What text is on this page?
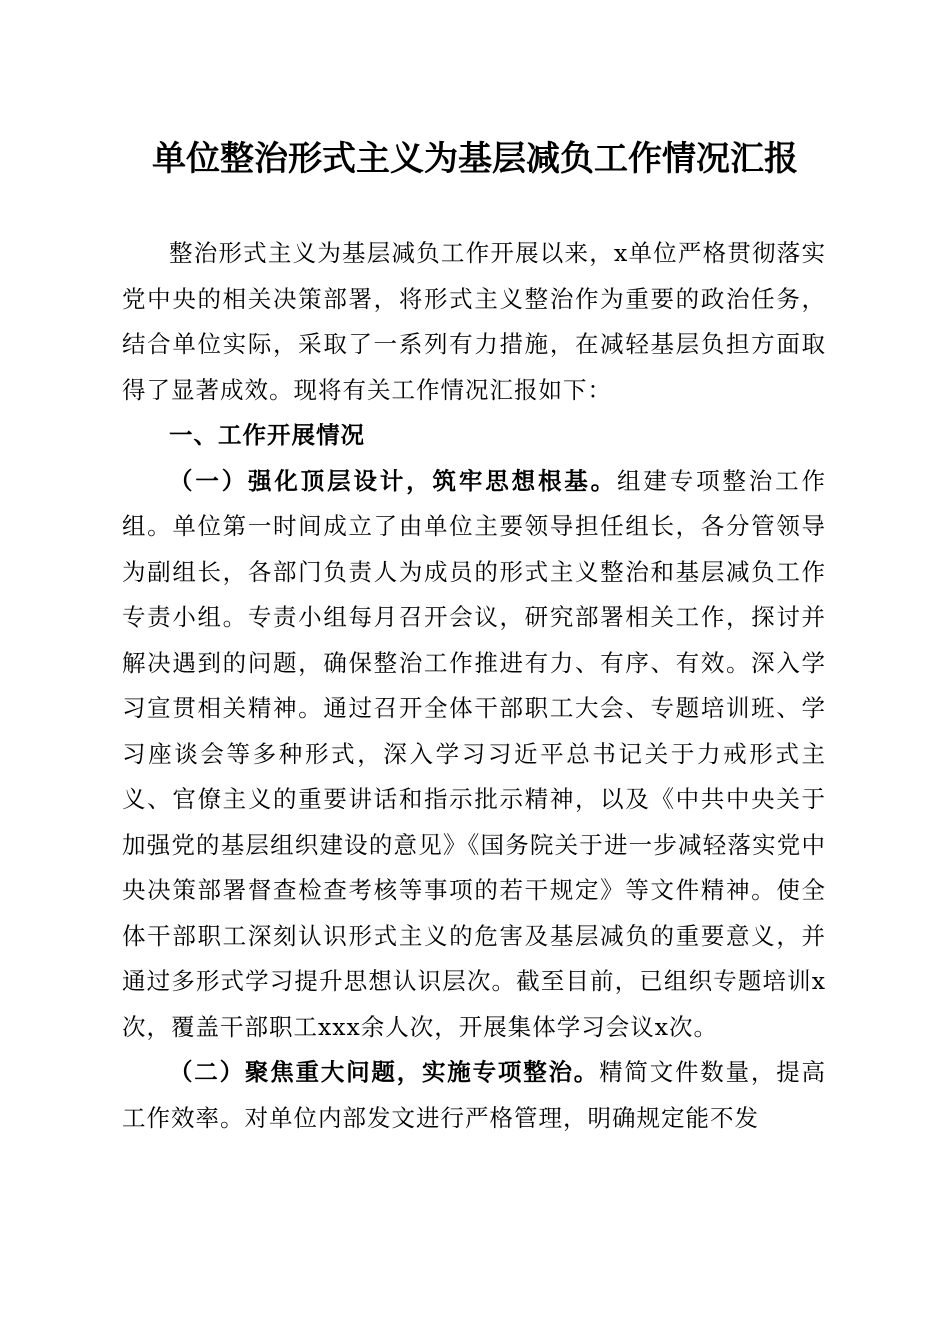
单位整治形式主义为基层减负工作情况汇报

整治形式主义为基层减负工作开展以来，x单位严格贯彻落实党中央的相关决策部署，将形式主义整治作为重要的政治任务，结合单位实际，采取了一系列有力措施，在减轻基层负担方面取得了显著成效。现将有关工作情况汇报如下：

一、工作开展情况

（一）强化顶层设计，筑牢思想根基。组建专项整治工作组。单位第一时间成立了由单位主要领导担任组长，各分管领导为副组长，各部门负责人为成员的形式主义整治和基层减负工作专责小组。专责小组每月召开会议，研究部署相关工作，探讨并解决遇到的问题，确保整治工作推进有力、有序、有效。深入学习宣贯相关精神。通过召开全体干部职工大会、专题培训班、学习座谈会等多种形式，深入学习习近平总书记关于力戒形式主义、官僚主义的重要讲话和指示批示精神，以及《中共中央关于加强党的基层组织建设的意见》《国务院关于进一步减轻落实党中央决策部署督查检查考核等事项的若干规定》等文件精神。使全体干部职工深刻认识形式主义的危害及基层减负的重要意义，并通过多形式学习提升思想认识层次。截至目前，已组织专题培训x次，覆盖干部职工xxx余人次，开展集体学习会议x次。

（二）聚焦重大问题，实施专项整治。精简文件数量，提高工作效率。对单位内部发文进行严格管理，明确规定能不发
